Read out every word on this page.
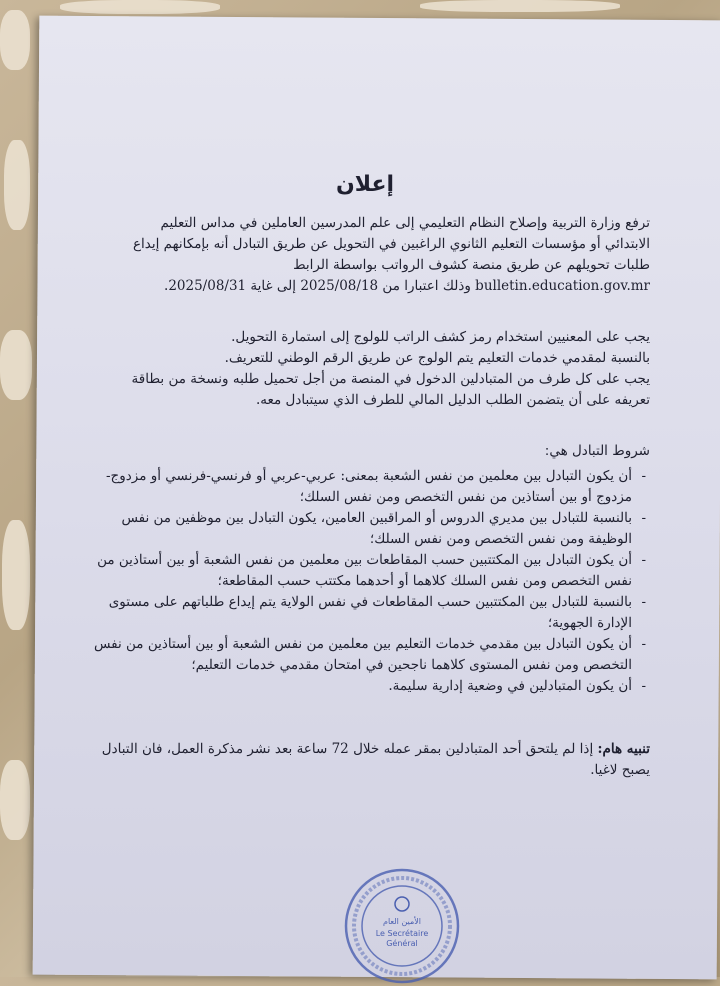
إعلان

ترفع وزارة التربية وإصلاح النظام التعليمي إلى علم المدرسين العاملين في مداس التعليم

الابتدائي أو مؤسسات التعليم الثانوي الراغبين في التحويل عن طريق التبادل أنه بإمكانهم إيداع

طلبات تحويلهم عن طريق منصة كشوف الرواتب بواسطة الرابط

bulletin.education.gov.mr وذلك اعتبارا من 2025/08/18 إلى غاية 2025/08/31.

يجب على المعنيين استخدام رمز كشف الراتب للولوج إلى استمارة التحويل.

بالنسبة لمقدمي خدمات التعليم يتم الولوج عن طريق الرقم الوطني للتعريف.

يجب على كل طرف من المتبادلين الدخول في المنصة من أجل تحميل طلبه ونسخة من بطاقة

تعريفه على أن يتضمن الطلب الدليل المالي للطرف الذي سيتبادل معه.

شروط التبادل هي:
- أن يكون التبادل بين معلمين من نفس الشعبة بمعنى: عربي-عربي أو فرنسي-فرنسي أو مزدوج-مزدوج أو بين أستاذين من نفس التخصص ومن نفس السلك؛
- بالنسبة للتبادل بين مديري الدروس أو المراقبين العامين، يكون التبادل بين موظفين من نفس الوظيفة ومن نفس التخصص ومن نفس السلك؛
- أن يكون التبادل بين المكتتبين حسب المقاطعات بين معلمين من نفس الشعبة أو بين أستاذين من نفس التخصص ومن نفس السلك كلاهما أو أحدهما مكتتب حسب المقاطعة؛
- بالنسبة للتبادل بين المكتتبين حسب المقاطعات في نفس الولاية يتم إيداع طلباتهم على مستوى الإدارة الجهوية؛
- أن يكون التبادل بين مقدمي خدمات التعليم بين معلمين من نفس الشعبة أو بين أستاذين من نفس التخصص ومن نفس المستوى كلاهما ناجحين في امتحان مقدمي خدمات التعليم؛
- أن يكون المتبادلين في وضعية إدارية سليمة.

تنبيه هام: إذا لم يلتحق أحد المتبادلين بمقر عمله خلال 72 ساعة بعد نشر مذكرة العمل، فان التبادل يصبح لاغيا.

الأمين العام
Le Secrétaire
Général
